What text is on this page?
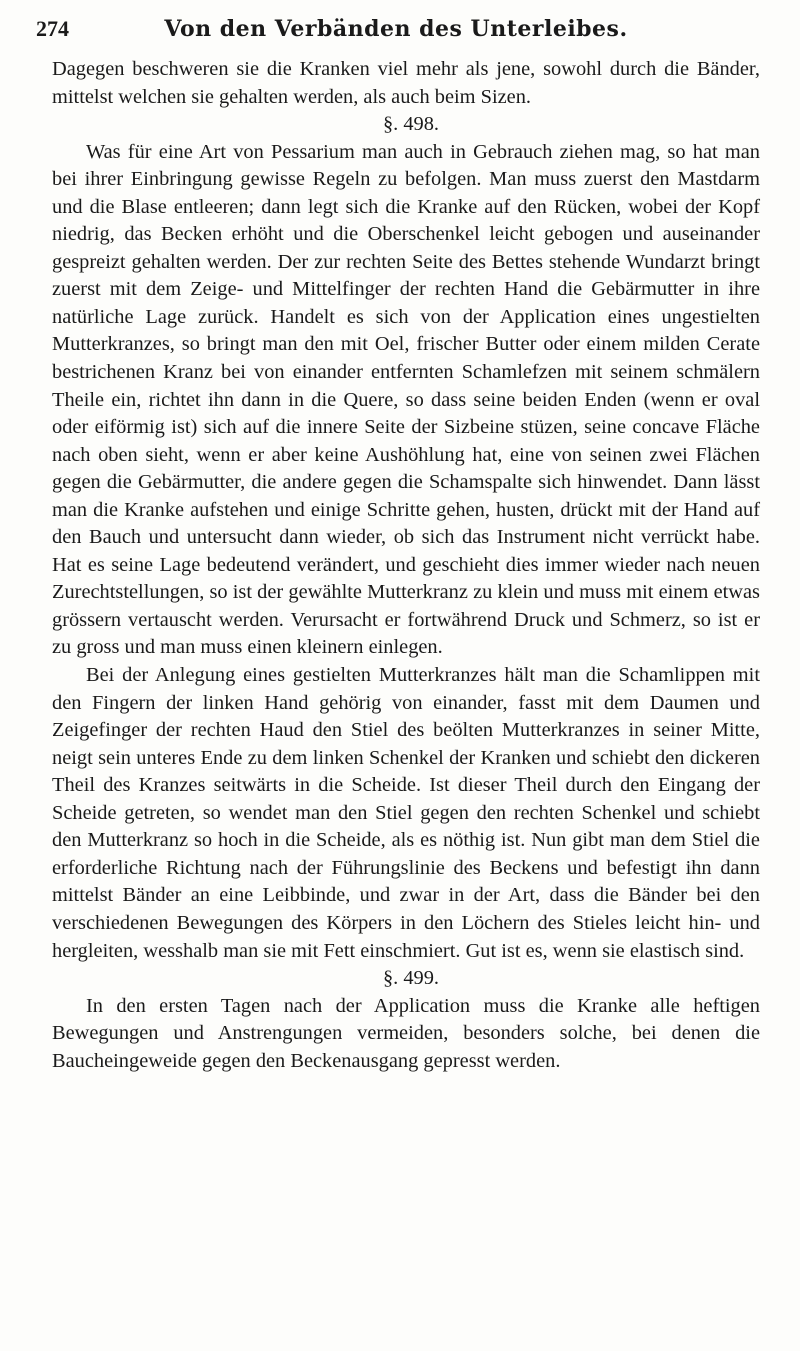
274	Von den Verbänden des Unterleibes.

Dagegen beschweren sie die Kranken viel mehr als jene, sowohl durch die Bänder, mittelst welchen sie gehalten werden, als auch beim Sizen.

§. 498.

Was für eine Art von Pessarium man auch in Gebrauch ziehen mag, so hat man bei ihrer Einbringung gewisse Regeln zu befolgen. Man muss zuerst den Mastdarm und die Blase entleeren; dann legt sich die Kranke auf den Rücken, wobei der Kopf niedrig, das Becken erhöht und die Oberschenkel leicht gebogen und auseinander gespreizt gehalten werden. Der zur rechten Seite des Bettes stehende Wundarzt bringt zuerst mit dem Zeige- und Mittelfinger der rechten Hand die Gebärmutter in ihre natürliche Lage zurück. Handelt es sich von der Application eines ungestielten Mutterkranzes, so bringt man den mit Oel, frischer Butter oder einem milden Cerate bestrichenen Kranz bei von einander entfernten Schamlefzen mit seinem schmälern Theile ein, richtet ihn dann in die Quere, so dass seine beiden Enden (wenn er oval oder eiförmig ist) sich auf die innere Seite der Sizbeine stüzen, seine concave Fläche nach oben sieht, wenn er aber keine Aushöhlung hat, eine von seinen zwei Flächen gegen die Gebärmutter, die andere gegen die Schamspalte sich hinwendet. Dann lässt man die Kranke aufstehen und einige Schritte gehen, husten, drückt mit der Hand auf den Bauch und untersucht dann wieder, ob sich das Instrument nicht verrückt habe. Hat es seine Lage bedeutend verändert, und geschieht dies immer wieder nach neuen Zurechtstellungen, so ist der gewählte Mutterkranz zu klein und muss mit einem etwas grössern vertauscht werden. Verursacht er fortwährend Druck und Schmerz, so ist er zu gross und man muss einen kleinern einlegen.

Bei der Anlegung eines gestielten Mutterkranzes hält man die Schamlippen mit den Fingern der linken Hand gehörig von einander, fasst mit dem Daumen und Zeigefinger der rechten Haud den Stiel des beölten Mutterkranzes in seiner Mitte, neigt sein unteres Ende zu dem linken Schenkel der Kranken und schiebt den dickeren Theil des Kranzes seitwärts in die Scheide. Ist dieser Theil durch den Eingang der Scheide getreten, so wendet man den Stiel gegen den rechten Schenkel und schiebt den Mutterkranz so hoch in die Scheide, als es nöthig ist. Nun gibt man dem Stiel die erforderliche Richtung nach der Führungslinie des Beckens und befestigt ihn dann mittelst Bänder an eine Leibbinde, und zwar in der Art, dass die Bänder bei den verschiedenen Bewegungen des Körpers in den Löchern des Stieles leicht hin- und hergleiten, wesshalb man sie mit Fett einschmiert. Gut ist es, wenn sie elastisch sind.

§. 499.

In den ersten Tagen nach der Application muss die Kranke alle heftigen Bewegungen und Anstrengungen vermeiden, besonders solche, bei denen die Baucheingeweide gegen den Beckenausgang gepresst werden.
